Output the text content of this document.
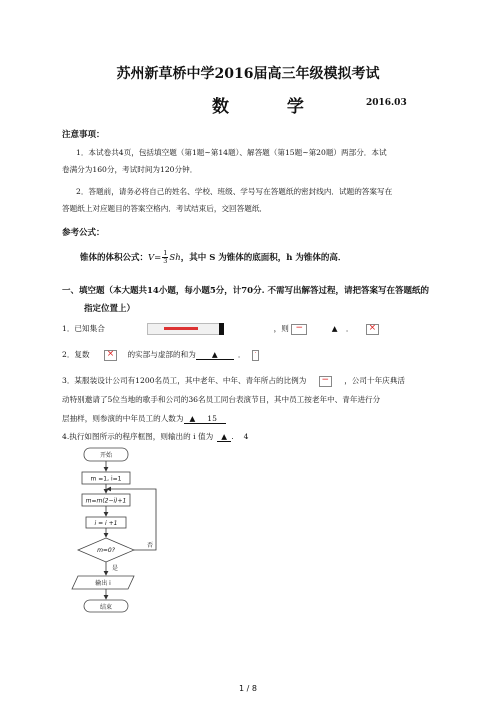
苏州新草桥中学2016届高三年级模拟考试
数 学	2016.03
注意事项：
1．本试卷共4页，包括填空题（第1题~第14题）、解答题（第15题~第20题）两部分．本试
卷满分为160分，考试时间为120分钟．
2．答题前，请务必将自己的姓名、学校、班级、学号写在答题纸的密封线内．试题的答案写在
答题纸上对应题目的答案空格内．考试结束后，交回答题纸．
参考公式：
锥体的体积公式：$V= \frac{1}{3}$ Sh，其中 S 为锥体的底面积，h 为锥体的高．
一、填空题（本大题共14小题，每小题5分，计70分. 不需写出解答过程，请把答案写在答题纸的
指定位置上）
1．已知集合	，则 −	▲ ． ×
2．复数 × 的实部与虚部的和为 ▲	． ·
3．某服装设计公司有1200名员工，其中老年、中年、青年所占的比例为 − ，公司十年庆典活
动特别邀请了5位当地的歌手和公司的36名员工同台表演节目，其中员工按老年中、青年进行分
层抽样，则参演的中年员工的人数为 ▲ 15
4.执行如图所示的程序框图，则输出的 i 值为 ▲ . 4
开始
m =1, i=1
m=m(2−i)+1
i = i +1
m=0?
输出 i
结束
否
是
1 / 8
